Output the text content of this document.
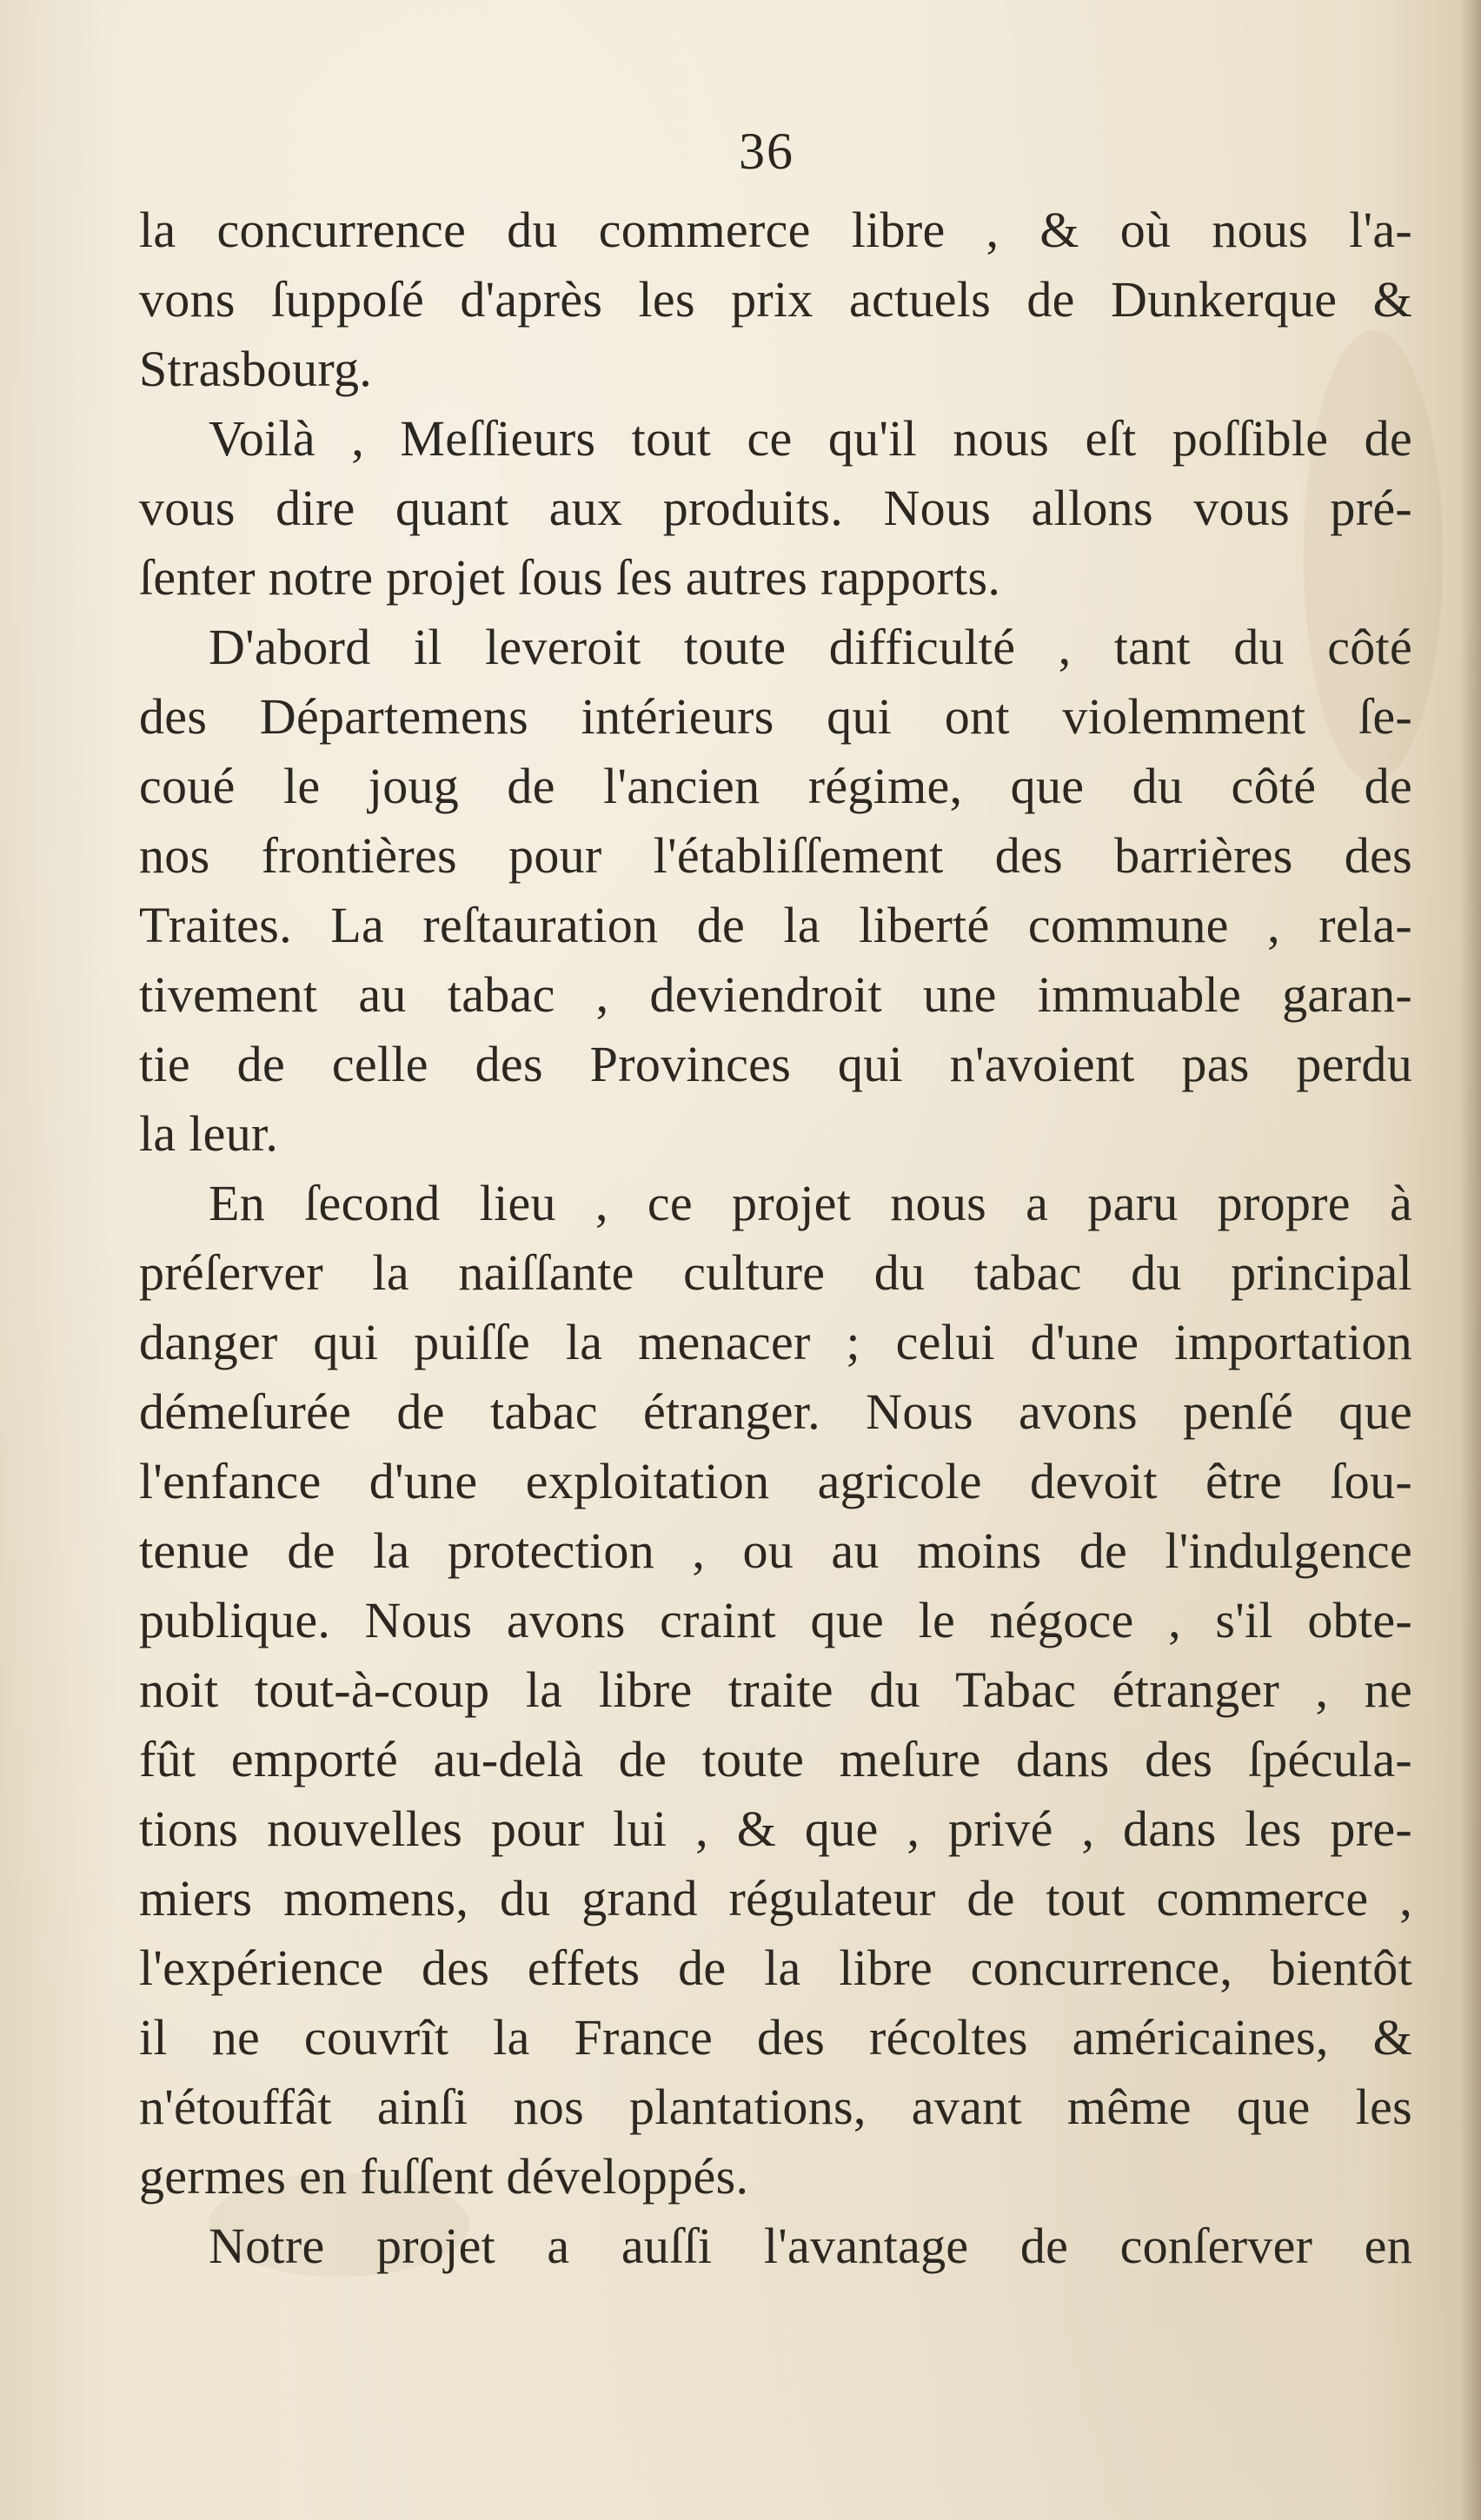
36
la concurrence du commerce libre , & où nous l'a-
vons ſuppoſé d'après les prix actuels de Dunkerque &
Strasbourg.
Voilà , Meſſieurs tout ce qu'il nous eſt poſſible de
vous dire quant aux produits. Nous allons vous pré-
ſenter notre projet ſous ſes autres rapports.
D'abord il leveroit toute difficulté , tant du côté
des Départemens intérieurs qui ont violemment ſe-
coué le joug de l'ancien régime, que du côté de
nos frontières pour l'établiſſement des barrières des
Traites. La reſtauration de la liberté commune , rela-
tivement au tabac , deviendroit une immuable garan-
tie de celle des Provinces qui n'avoient pas perdu
la leur.
En ſecond lieu , ce projet nous a paru propre à
préſerver la naiſſante culture du tabac du principal
danger qui puiſſe la menacer ; celui d'une importation
démeſurée de tabac étranger. Nous avons penſé que
l'enfance d'une exploitation agricole devoit être ſou-
tenue de la protection , ou au moins de l'indulgence
publique. Nous avons craint que le négoce , s'il obte-
noit tout-à-coup la libre traite du Tabac étranger , ne
fût emporté au-delà de toute meſure dans des ſpécula-
tions nouvelles pour lui , & que , privé , dans les pre-
miers momens, du grand régulateur de tout commerce ,
l'expérience des effets de la libre concurrence, bientôt
il ne couvrît la France des récoltes américaines, &
n'étouffât ainſi nos plantations, avant même que les
germes en fuſſent développés.
Notre projet a auſſi l'avantage de conſerver en
